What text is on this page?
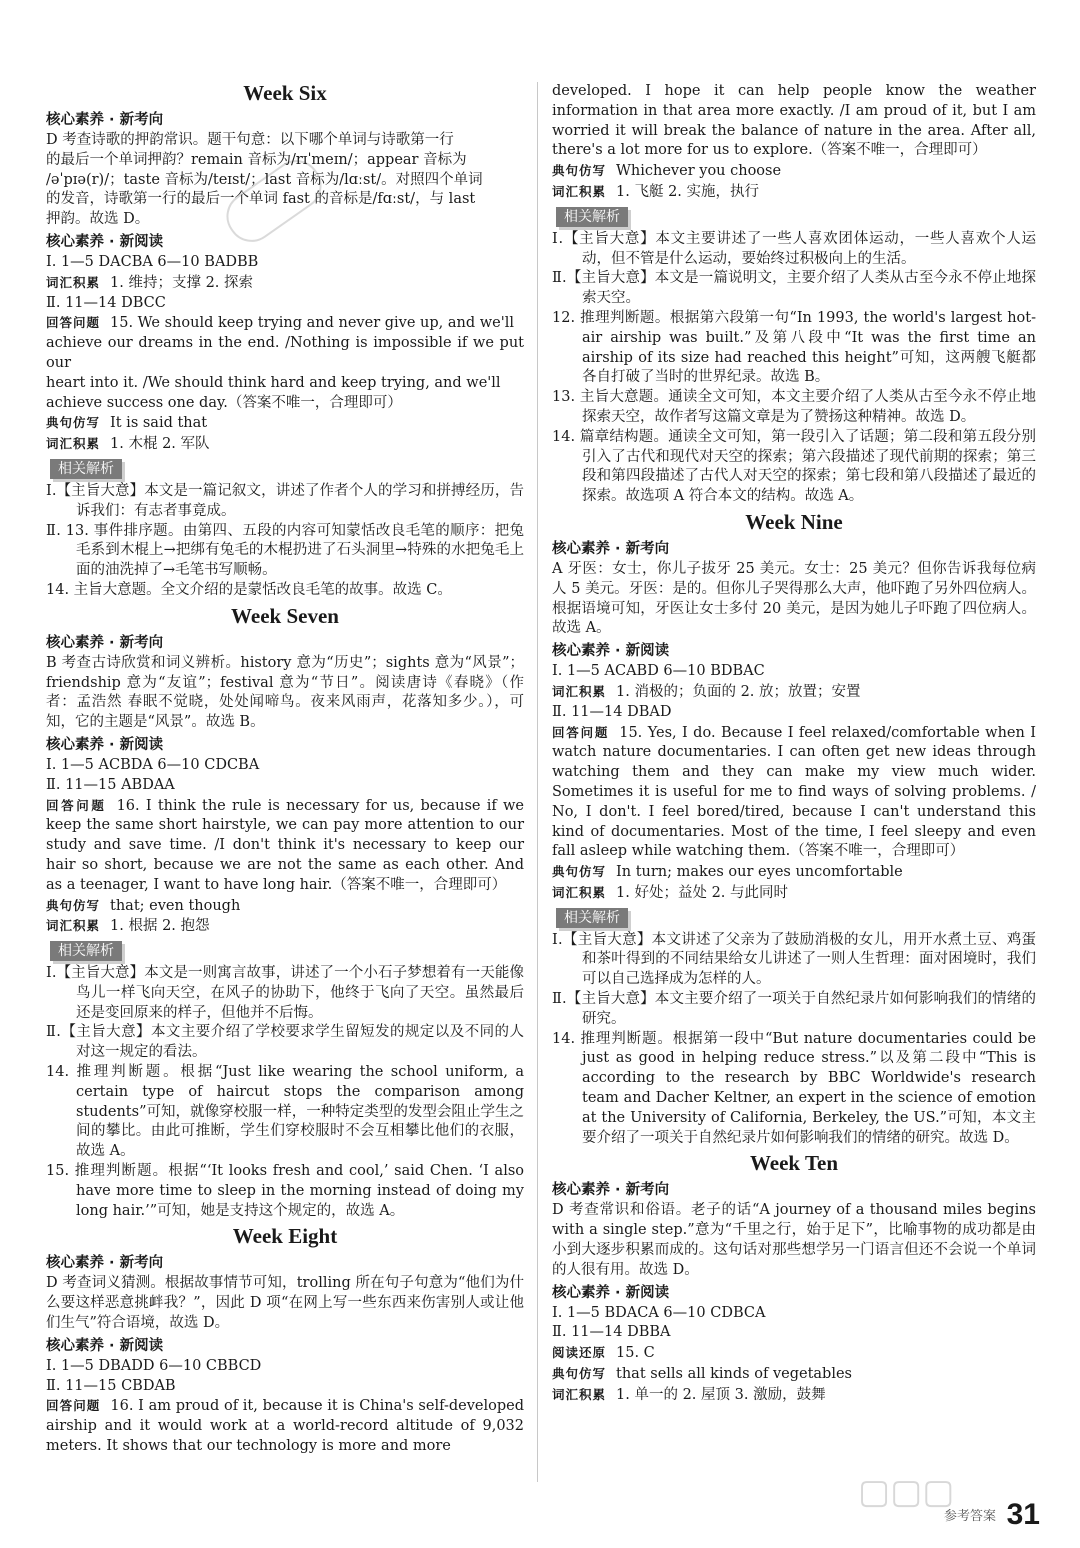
Week Six
核心素养 · 新考向

D 考查诗歌的押韵常识。题干句意：以下哪个单词与诗歌第一行

的最后一个单词押韵？remain 音标为/rɪˈmeɪn/；appear 音标为

/əˈpɪə(r)/；taste 音标为/teɪst/；last 音标为/lɑːst/。对照四个单词

的发音，诗歌第一行的最后一个单词 fast 的音标是/fɑːst/，与 last

押韵。故选 D。

核心素养 · 新阅读

Ⅰ. 1—5 DACBA 6—10 BADBB

词汇积累 1. 维持；支撑 2. 探索

Ⅱ. 11—14 DBCC

回答问题 15. We should keep trying and never give up, and we'll

achieve our dreams in the end. /Nothing is impossible if we put our

heart into it. /We should think hard and keep trying, and we'll

achieve success one day.（答案不唯一，合理即可）

典句仿写 It is said that

词汇积累 1. 木棍 2. 军队

相关解析

Ⅰ.【主旨大意】本文是一篇记叙文，讲述了作者个人的学习和拼搏经历，告诉我们：有志者事竟成。

Ⅱ. 13. 事件排序题。由第四、五段的内容可知蒙恬改良毛笔的顺序：把兔毛系到木棍上→把绑有兔毛的木棍扔进了石头洞里→特殊的水把兔毛上面的油洗掉了→毛笔书写顺畅。

14. 主旨大意题。全文介绍的是蒙恬改良毛笔的故事。故选 C。

Week Seven
核心素养 · 新考向

B 考查古诗欣赏和词义辨析。history 意为“历史”；sights 意为“风景”；friendship 意为“友谊”；festival 意为“节日”。阅读唐诗《春晓》（作者：孟浩然 春眠不觉晓，处处闻啼鸟。夜来风雨声，花落知多少。），可知，它的主题是“风景”。故选 B。

核心素养 · 新阅读

Ⅰ. 1—5 ACBDA 6—10 CDCBA

Ⅱ. 11—15 ABDAA

回答问题 16. I think the rule is necessary for us, because if we keep the same short hairstyle, we can pay more attention to our study and save time. /I don't think it's necessary to keep our hair so short, because we are not the same as each other. And as a teenager, I want to have long hair.（答案不唯一，合理即可）

典句仿写 that; even though

词汇积累 1. 根据 2. 抱怨

相关解析

Ⅰ.【主旨大意】本文是一则寓言故事，讲述了一个小石子梦想着有一天能像鸟儿一样飞向天空，在风子的协助下，他终于飞向了天空。虽然最后还是变回原来的样子，但他并不后悔。

Ⅱ.【主旨大意】本文主要介绍了学校要求学生留短发的规定以及不同的人对这一规定的看法。

14. 推理判断题。根据“Just like wearing the school uniform, a certain type of haircut stops the comparison among students”可知，就像穿校服一样，一种特定类型的发型会阻止学生之间的攀比。由此可推断，学生们穿校服时不会互相攀比他们的衣服，故选 A。

15. 推理判断题。根据“‘It looks fresh and cool,’ said Chen. ‘I also have more time to sleep in the morning instead of doing my long hair.’”可知，她是支持这个规定的，故选 A。

Week Eight
核心素养 · 新考向

D 考查词义猜测。根据故事情节可知，trolling 所在句子句意为“他们为什么要这样恶意挑衅我？”，因此 D 项“在网上写一些东西来伤害别人或让他们生气”符合语境，故选 D。

核心素养 · 新阅读

Ⅰ. 1—5 DBADD 6—10 CBBCD

Ⅱ. 11—15 CBDAB

回答问题 16. I am proud of it, because it is China's self-developed airship and it would work at a world-record altitude of 9,032 meters. It shows that our technology is more and more

developed. I hope it can help people know the weather information in that area more exactly. /I am proud of it, but I am worried it will break the balance of nature in the area. After all, there's a lot more for us to explore.（答案不唯一，合理即可）

典句仿写 Whichever you choose

词汇积累 1. 飞艇 2. 实施，执行

相关解析

Ⅰ.【主旨大意】本文主要讲述了一些人喜欢团体运动，一些人喜欢个人运动，但不管是什么运动，要始终过积极向上的生活。

Ⅱ.【主旨大意】本文是一篇说明文，主要介绍了人类从古至今永不停止地探索天空。

12. 推理判断题。根据第六段第一句“In 1993, the world's largest hot-air airship was built.”及第八段中“It was the first time an airship of its size had reached this height”可知，这两艘飞艇都各自打破了当时的世界纪录。故选 B。

13. 主旨大意题。通读全文可知，本文主要介绍了人类从古至今永不停止地探索天空，故作者写这篇文章是为了赞扬这种精神。故选 D。

14. 篇章结构题。通读全文可知，第一段引入了话题；第二段和第五段分别引入了古代和现代对天空的探索；第六段描述了现代前期的探索；第三段和第四段描述了古代人对天空的探索；第七段和第八段描述了最近的探索。故选项 A 符合本文的结构。故选 A。

Week Nine
核心素养 · 新考向

A 牙医：女士，你儿子拔牙 25 美元。女士：25 美元？但你告诉我每位病人 5 美元。牙医：是的。但你儿子哭得那么大声，他吓跑了另外四位病人。根据语境可知，牙医让女士多付 20 美元，是因为她儿子吓跑了四位病人。故选 A。

核心素养 · 新阅读

Ⅰ. 1—5 ACABD 6—10 BDBAC

词汇积累 1. 消极的；负面的 2. 放；放置；安置

Ⅱ. 11—14 DBAD

回答问题 15. Yes, I do. Because I feel relaxed/comfortable when I watch nature documentaries. I can often get new ideas through watching them and they can make my view much wider. Sometimes it is useful for me to find ways of solving problems. / No, I don't. I feel bored/tired, because I can't understand this kind of documentaries. Most of the time, I feel sleepy and even fall asleep while watching them.（答案不唯一，合理即可）

典句仿写 In turn; makes our eyes uncomfortable

词汇积累 1. 好处；益处 2. 与此同时

相关解析

Ⅰ.【主旨大意】本文讲述了父亲为了鼓励消极的女儿，用开水煮土豆、鸡蛋和茶叶得到的不同结果给女儿讲述了一则人生哲理：面对困境时，我们可以自己选择成为怎样的人。

Ⅱ.【主旨大意】本文主要介绍了一项关于自然纪录片如何影响我们的情绪的研究。

14. 推理判断题。根据第一段中“But nature documentaries could be just as good in helping reduce stress.”以及第二段中“This is according to the research by BBC Worldwide's research team and Dacher Keltner, an expert in the science of emotion at the University of California, Berkeley, the US.”可知，本文主要介绍了一项关于自然纪录片如何影响我们的情绪的研究。故选 D。

Week Ten
核心素养 · 新考向

D 考查常识和俗语。老子的话“A journey of a thousand miles begins with a single step.”意为“千里之行，始于足下”，比喻事物的成功都是由小到大逐步积累而成的。这句话对那些想学另一门语言但还不会说一个单词的人很有用。故选 D。

核心素养 · 新阅读

Ⅰ. 1—5 BDACA 6—10 CDBCA

Ⅱ. 11—14 DBBA

阅读还原 15. C

典句仿写 that sells all kinds of vegetables

词汇积累 1. 单一的 2. 屋顶 3. 激励，鼓舞

▢▢▢
参考答案 31
